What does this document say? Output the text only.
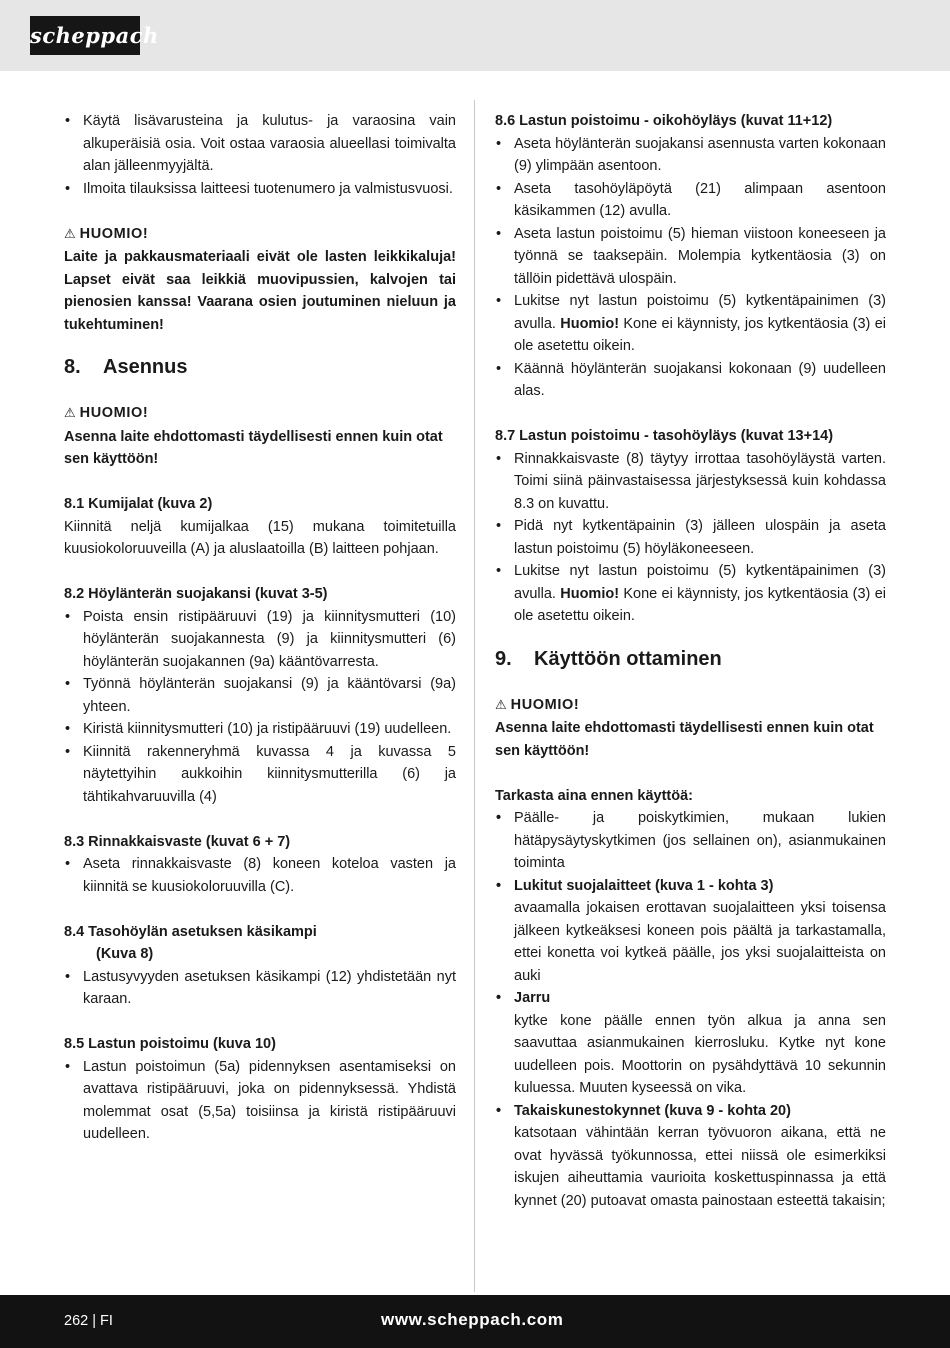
scheppach
• Käytä lisävarusteina ja kulutus- ja varaosina vain alkuperäisiä osia. Voit ostaa varaosia alueellasi toimivalta alan jälleenmyyjältä.
• Ilmoita tilauksissa laitteesi tuotenumero ja valmistusvuosi.

⚠ HUOMIO!

Laite ja pakkausmateriaali eivät ole lasten leikkikaluja! Lapset eivät saa leikkiä muovipussien, kalvojen tai pienosien kanssa! Vaarana osien joutuminen nieluun ja tukehtuminen!

8. Asennus

⚠ HUOMIO!

Asenna laite ehdottomasti täydellisesti ennen kuin otat sen käyttöön!

8.1 Kumijalat (kuva 2)

Kiinnitä neljä kumijalkaa (15) mukana toimitetuilla kuusiokoloruuveilla (A) ja aluslaatoilla (B) laitteen pohjaan.

8.2 Höylänterän suojakansi (kuvat 3-5)

• Poista ensin ristipääruuvi (19) ja kiinnitysmutteri (10) höylänterän suojakannesta (9) ja kiinnitysmutteri (6) höylänterän suojakannen (9a) kääntövarresta.
• Työnnä höylänterän suojakansi (9) ja kääntövarsi (9a) yhteen.
• Kiristä kiinnitysmutteri (10) ja ristipääruuvi (19) uudelleen.
• Kiinnitä rakenneryhmä kuvassa 4 ja kuvassa 5 näytettyihin aukkoihin kiinnitysmutterilla (6) ja tähtikahvaruuvilla (4)

8.3 Rinnakkaisvaste (kuvat 6 + 7)

• Aseta rinnakkaisvaste (8) koneen koteloa vasten ja kiinnitä se kuusiokoloruuvilla (C).

8.4 Tasohöylän asetuksen käsikampi

(Kuva 8)

• Lastusyvyyden asetuksen käsikampi (12) yhdistetään nyt karaan.

8.5 Lastun poistoimu (kuva 10)

• Lastun poistoimun (5a) pidennyksen asentamiseksi on avattava ristipääruuvi, joka on pidennyksessä. Yhdistä molemmat osat (5,5a) toisiinsa ja kiristä ristipääruuvi uudelleen.

8.6 Lastun poistoimu - oikohöyläys (kuvat 11+12)

• Aseta höylänterän suojakansi asennusta varten kokonaan (9) ylimpään asentoon.
• Aseta tasohöyläpöytä (21) alimpaan asentoon käsikammen (12) avulla.
• Aseta lastun poistoimu (5) hieman viistoon koneeseen ja työnnä se taaksepäin. Molempia kytkentäosia (3) on tällöin pidettävä ulospäin.
• Lukitse nyt lastun poistoimu (5) kytkentäpainimen (3) avulla. Huomio! Kone ei käynnisty, jos kytkentäosia (3) ei ole asetettu oikein.
• Käännä höylänterän suojakansi kokonaan (9) uudelleen alas.

8.7 Lastun poistoimu - tasohöyläys (kuvat 13+14)

• Rinnakkaisvaste (8) täytyy irrottaa tasohöyläystä varten. Toimi siinä päinvastaisessa järjestyksessä kuin kohdassa 8.3 on kuvattu.
• Pidä nyt kytkentäpainin (3) jälleen ulospäin ja aseta lastun poistoimu (5) höyläkoneeseen.
• Lukitse nyt lastun poistoimu (5) kytkentäpainimen (3) avulla. Huomio! Kone ei käynnisty, jos kytkentäosia (3) ei ole asetettu oikein.

9. Käyttöön ottaminen

⚠ HUOMIO!

Asenna laite ehdottomasti täydellisesti ennen kuin otat sen käyttöön!

Tarkasta aina ennen käyttöä:

• Päälle- ja poiskytkimien, mukaan lukien hätäpysäytyskytkimen (jos sellainen on), asianmukainen toiminta
• Lukitut suojalaitteet (kuva 1 - kohta 3)
avaamalla jokaisen erottavan suojalaitteen yksi toisensa jälkeen kytkeäksesi koneen pois päältä ja tarkastamalla, ettei konetta voi kytkeä päälle, jos yksi suojalaitteista on auki
• Jarru
kytke kone päälle ennen työn alkua ja anna sen saavuttaa asianmukainen kierrosluku. Kytke nyt kone uudelleen pois. Moottorin on pysähdyttävä 10 sekunnin kuluessa. Muuten kyseessä on vika.
• Takaiskunestokynnet (kuva 9 - kohta 20)
katsotaan vähintään kerran työvuoron aikana, että ne ovat hyvässä työkunnossa, ettei niissä ole esimerkiksi iskujen aiheuttamia vaurioita koskettuspinnassa ja että kynnet (20) putoavat omasta painostaan esteettä takaisin;
262 | FI	www.scheppach.com
